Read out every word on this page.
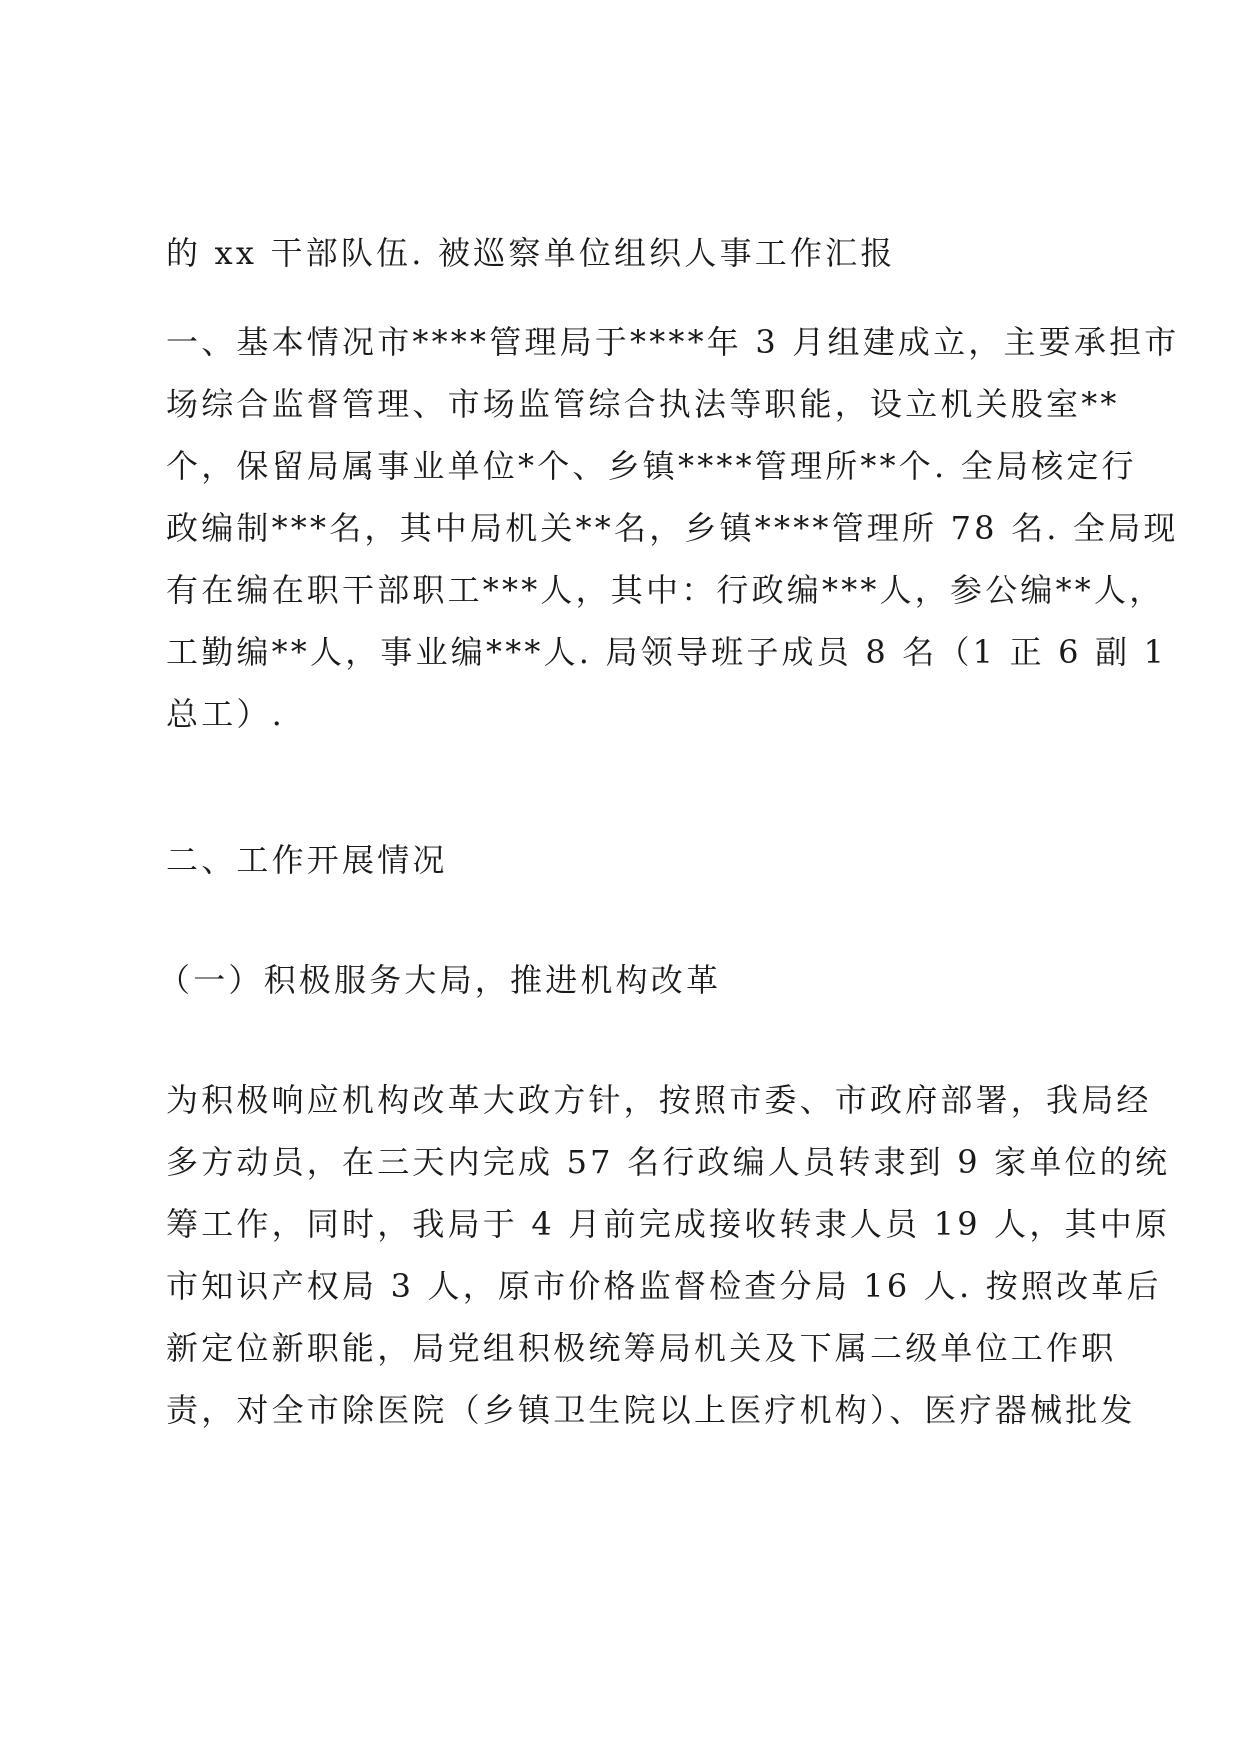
的 xx 干部队伍. 被巡察单位组织人事工作汇报
一、基本情况市****管理局于****年 3 月组建成立，主要承担市
场综合监督管理、市场监管综合执法等职能，设立机关股室**
个，保留局属事业单位*个、乡镇****管理所**个. 全局核定行
政编制***名，其中局机关**名，乡镇****管理所 78 名. 全局现
有在编在职干部职工***人，其中：行政编***人，参公编**人，
工勤编**人，事业编***人. 局领导班子成员 8 名（1 正 6 副 1
总工）.
二、工作开展情况
（一）积极服务大局，推进机构改革
为积极响应机构改革大政方针，按照市委、市政府部署，我局经
多方动员，在三天内完成 57 名行政编人员转隶到 9 家单位的统
筹工作，同时，我局于 4 月前完成接收转隶人员 19 人，其中原
市知识产权局 3 人，原市价格监督检查分局 16 人. 按照改革后
新定位新职能，局党组积极统筹局机关及下属二级单位工作职
责，对全市除医院（乡镇卫生院以上医疗机构）、医疗器械批发
